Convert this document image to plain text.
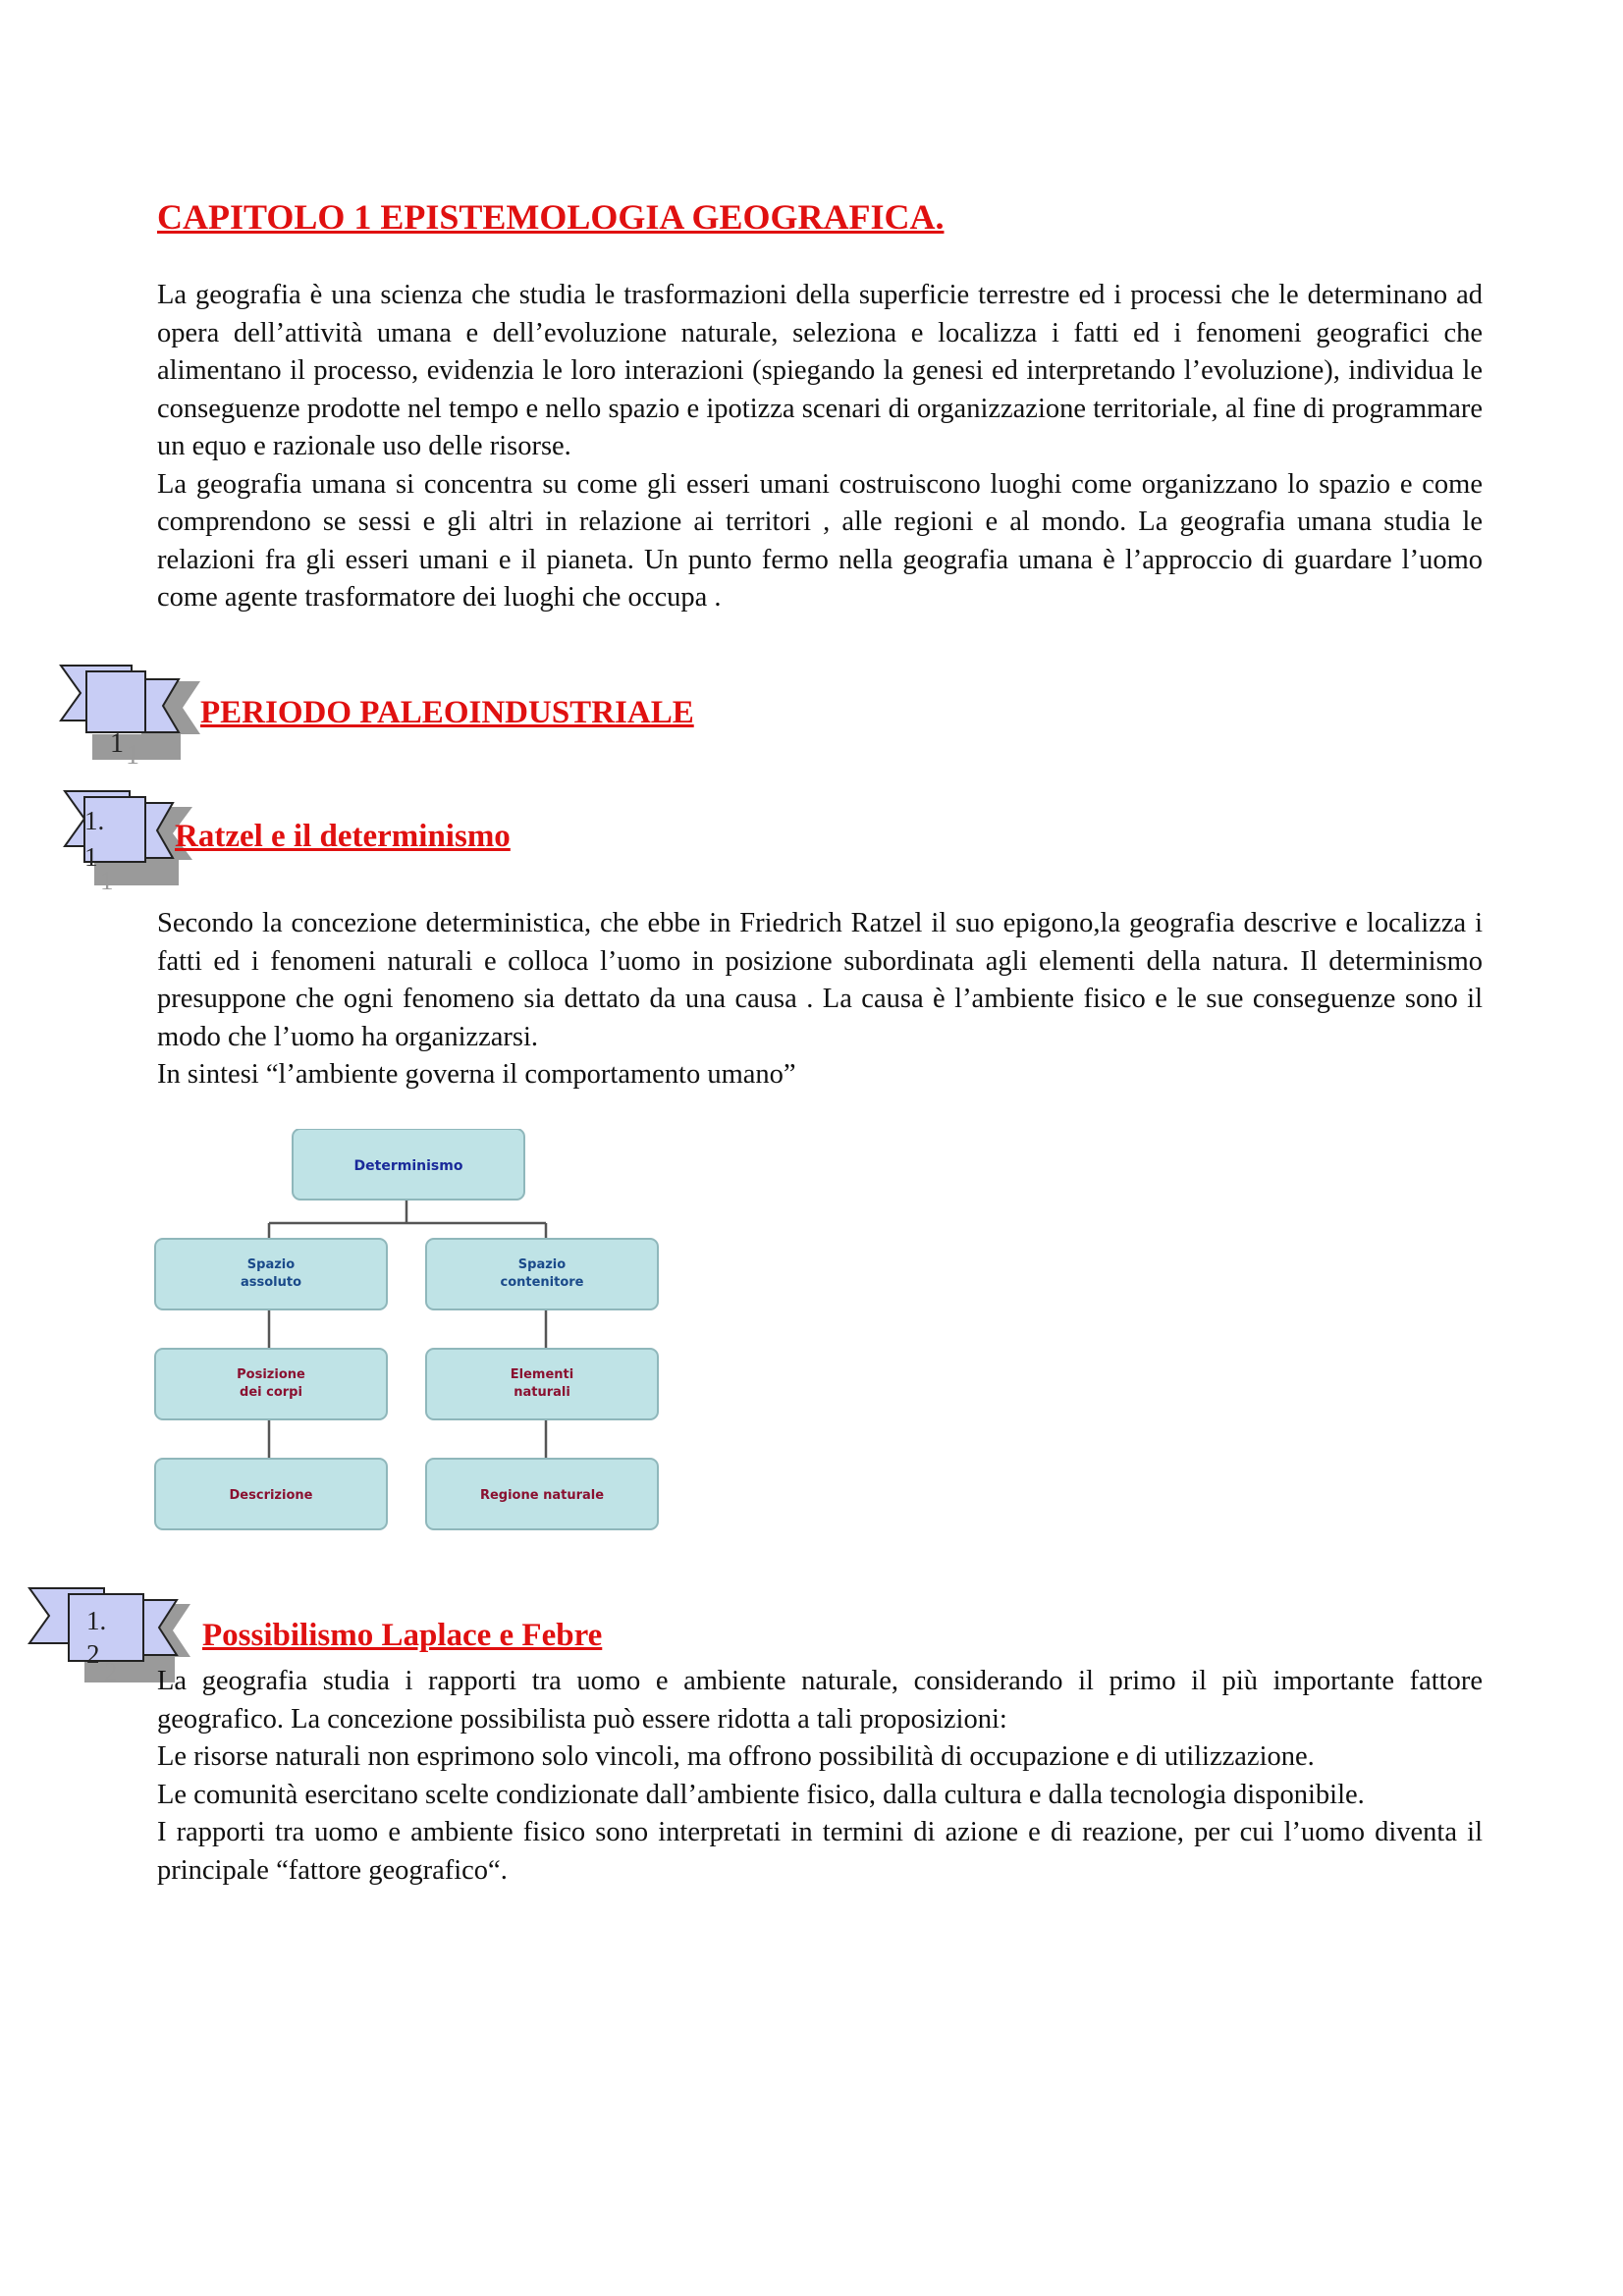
CAPITOLO 1 EPISTEMOLOGIA GEOGRAFICA.

La geografia è una scienza che studia le trasformazioni della superficie terrestre ed i processi che le determinano ad opera dell’attività umana e dell’evoluzione naturale, seleziona e localizza i fatti ed i fenomeni geografici che alimentano il processo, evidenzia le loro interazioni (spiegando la genesi ed interpretando l’evoluzione), individua le conseguenze prodotte nel tempo e nello spazio e ipotizza scenari di organizzazione territoriale, al fine di programmare un equo e razionale uso delle risorse.

La geografia umana si concentra su come gli esseri umani costruiscono luoghi come organizzano lo spazio e come comprendono se sessi e gli altri in relazione ai territori , alle regioni e al mondo. La geografia umana studia le relazioni fra gli esseri umani e il pianeta. Un punto fermo nella geografia umana è l’approccio di guardare l’uomo come agente trasformatore dei luoghi che occupa .

1 1
PERIODO PALEOINDUSTRIALE
1.
1
1
Ratzel e il determinismo

Secondo la concezione deterministica, che ebbe in Friedrich Ratzel il suo epigono,la geografia descrive e localizza i fatti ed i fenomeni naturali e colloca l’uomo in posizione subordinata agli elementi della natura. Il determinismo presuppone che ogni fenomeno sia dettato da una causa . La causa è l’ambiente fisico e le sue conseguenze sono il modo che l’uomo ha organizzarsi.

In sintesi “l’ambiente governa il comportamento umano”

Determinismo
Spazio
assoluto
Posizione
dei corpi
Descrizione
Spazio
contenitore
Elementi
naturali
Regione naturale
1.
2
2
Possibilismo Laplace e Febre

La geografia studia i rapporti tra uomo e ambiente naturale, considerando il primo il più importante fattore geografico. La concezione possibilista può essere ridotta a tali proposizioni:

Le risorse naturali non esprimono solo vincoli, ma offrono possibilità di occupazione e di utilizzazione.

Le comunità esercitano scelte condizionate dall’ambiente fisico, dalla cultura e dalla tecnologia disponibile.

I rapporti tra uomo e ambiente fisico sono interpretati in termini di azione e di reazione, per cui l’uomo diventa il principale “fattore geografico“.
